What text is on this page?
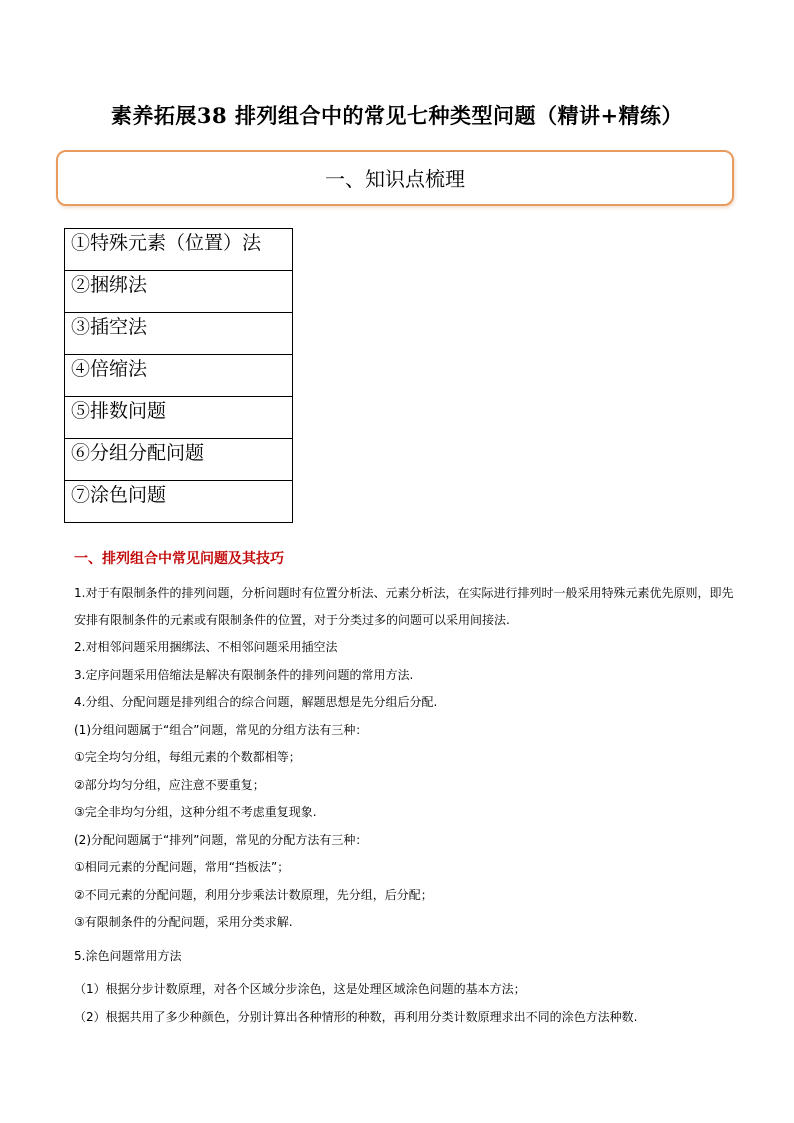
素养拓展38 排列组合中的常见七种类型问题（精讲+精练）
一、知识点梳理
①特殊元素（位置）法
②捆绑法
③插空法
④倍缩法
⑤排数问题
⑥分组分配问题
⑦涂色问题
一、排列组合中常见问题及其技巧

1.对于有限制条件的排列问题，分析问题时有位置分析法、元素分析法，在实际进行排列时一般采用特殊元素优先原则，即先安排有限制条件的元素或有限制条件的位置，对于分类过多的问题可以采用间接法.

2.对相邻问题采用捆绑法、不相邻问题采用插空法

3.定序问题采用倍缩法是解决有限制条件的排列问题的常用方法.

4.分组、分配问题是排列组合的综合问题，解题思想是先分组后分配.

(1)分组问题属于“组合”问题，常见的分组方法有三种：

①完全均匀分组，每组元素的个数都相等；

②部分均匀分组，应注意不要重复；

③完全非均匀分组，这种分组不考虑重复现象.

(2)分配问题属于“排列”问题，常见的分配方法有三种：

①相同元素的分配问题，常用“挡板法”；

②不同元素的分配问题，利用分步乘法计数原理，先分组，后分配；

③有限制条件的分配问题，采用分类求解.

5.涂色问题常用方法

（1）根据分步计数原理，对各个区域分步涂色，这是处理区域涂色问题的基本方法；

（2）根据共用了多少种颜色，分别计算出各种情形的种数，再利用分类计数原理求出不同的涂色方法种数.
